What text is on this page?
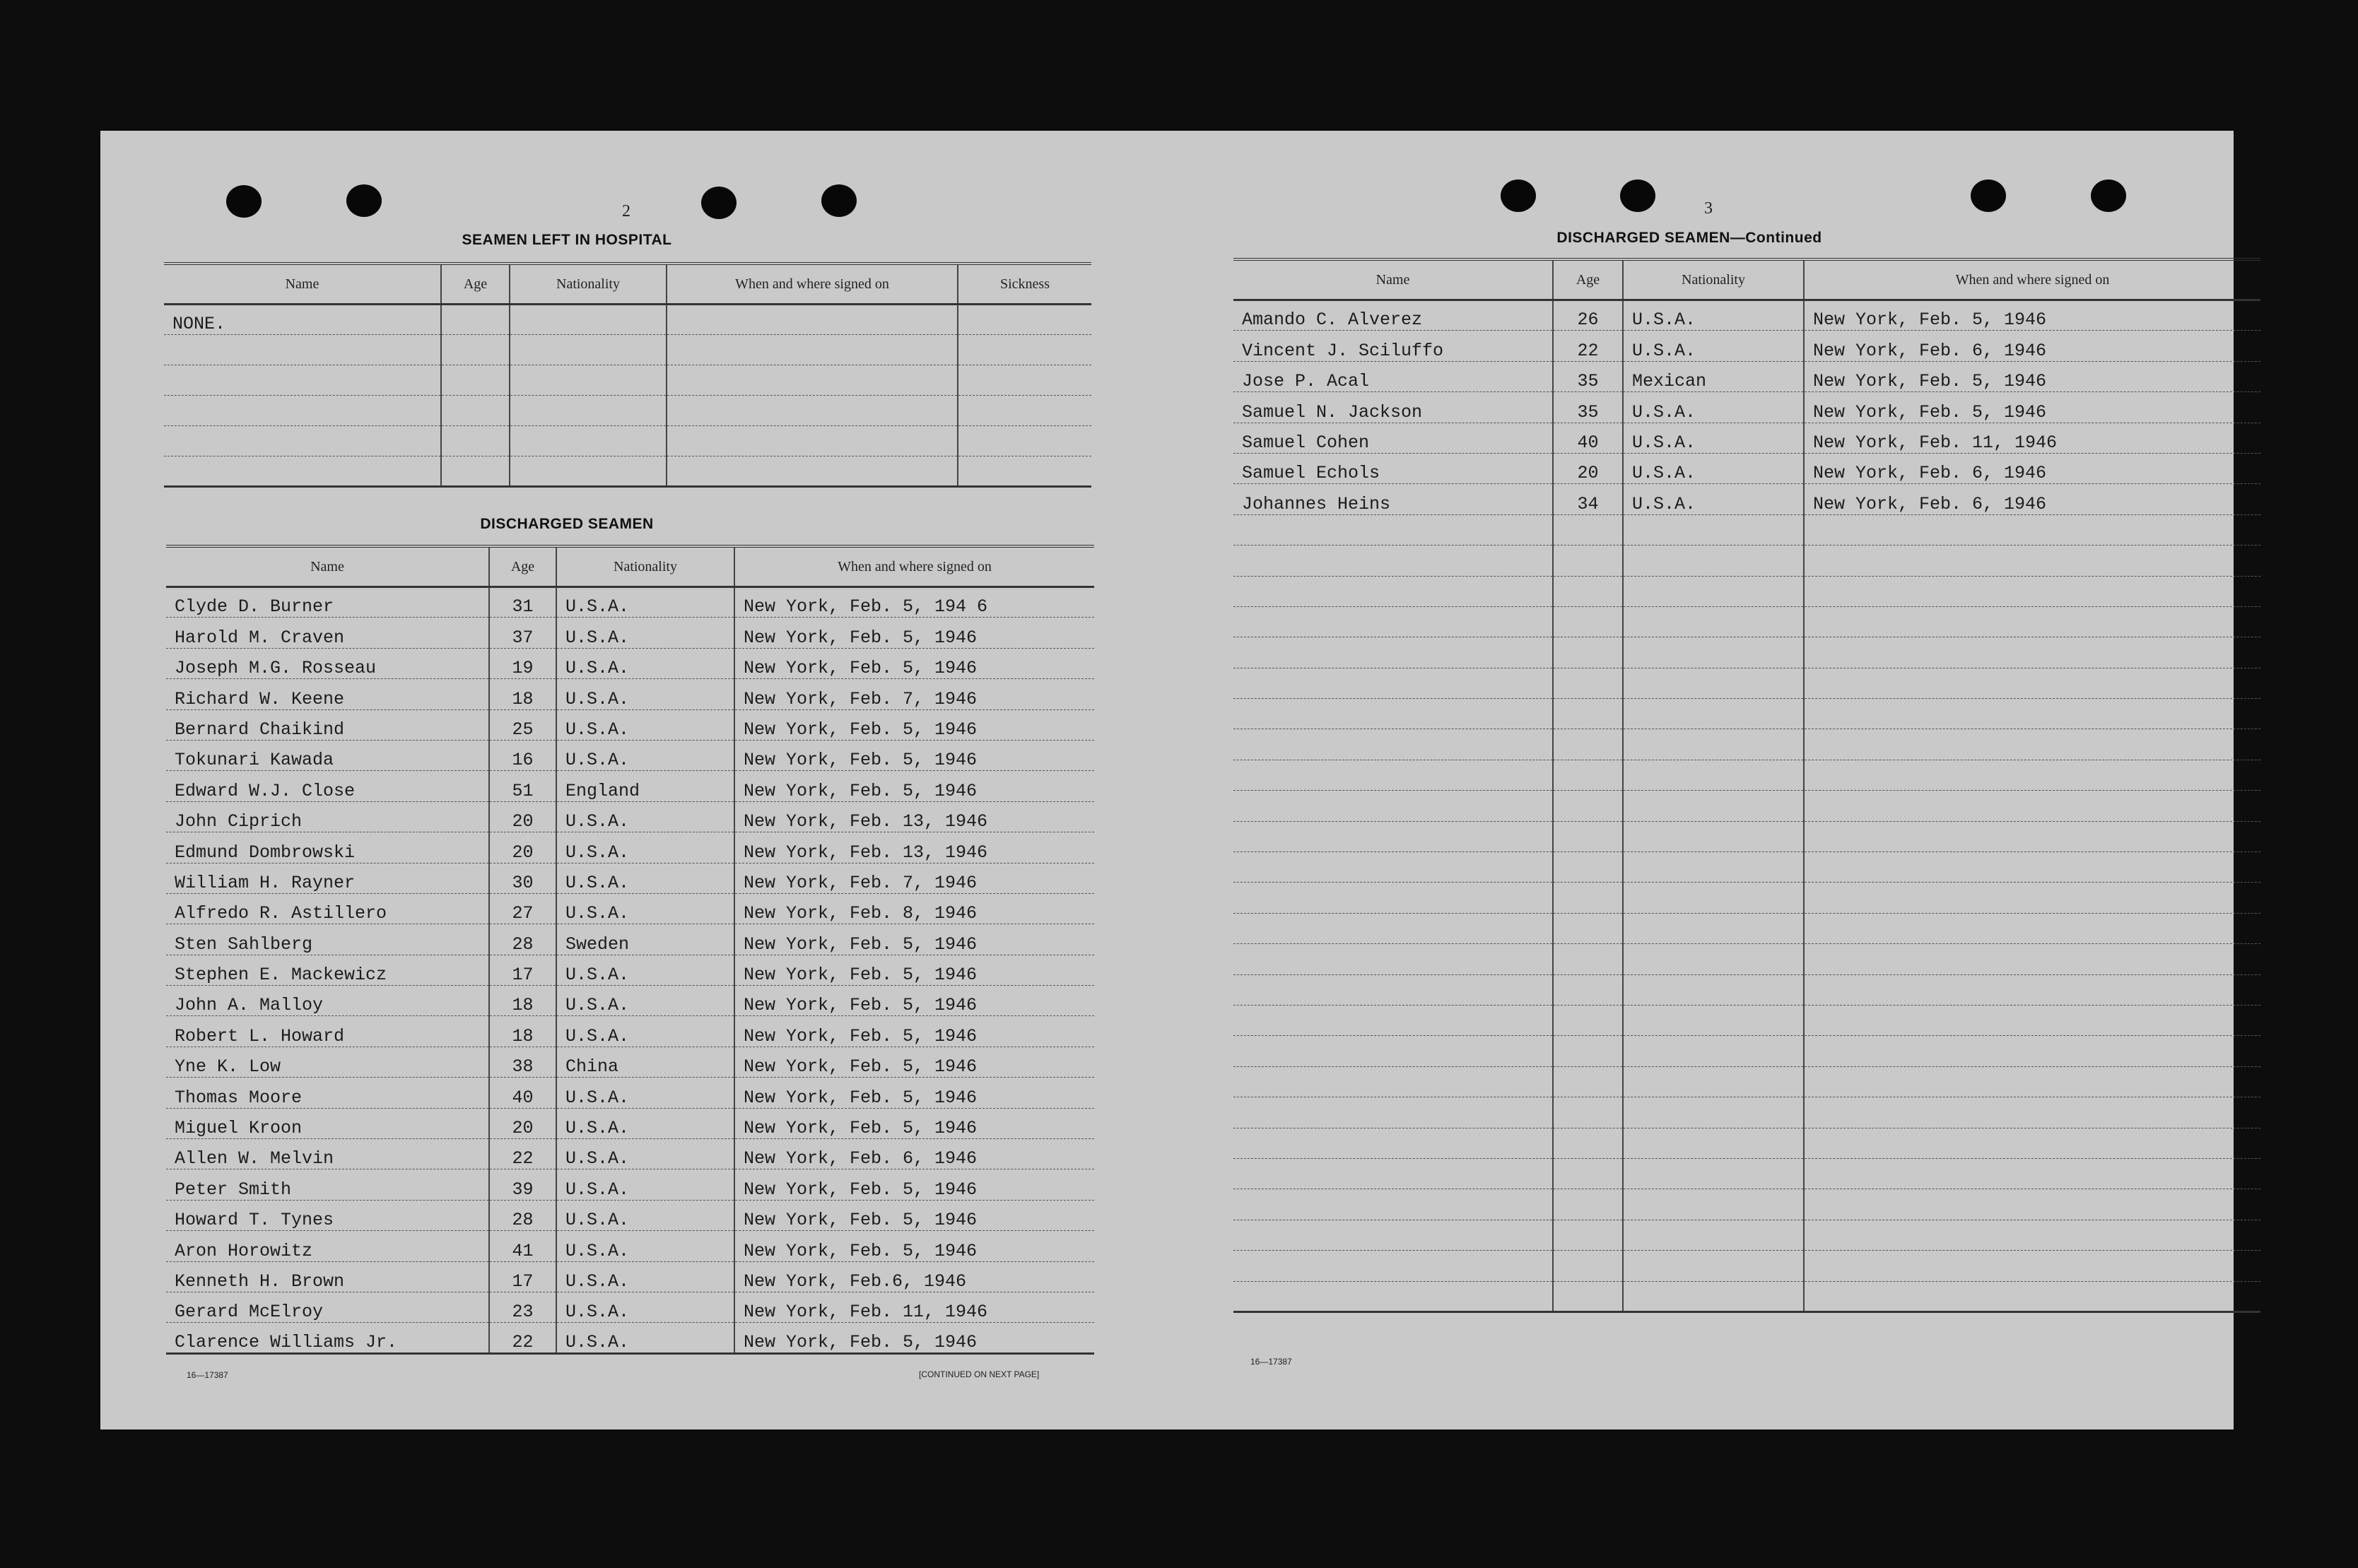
2
SEAMEN LEFT IN HOSPITAL
Name	Age	Nationality	When and where signed on	Sickness
NONE.				

DISCHARGED SEAMEN
Name	Age	Nationality	When and where signed on
Clyde D. Burner	31	U.S.A.	New York, Feb. 5, 194 6
Harold M. Craven	37	U.S.A.	New York, Feb. 5, 1946
Joseph M.G. Rosseau	19	U.S.A.	New York, Feb. 5, 1946
Richard W. Keene	18	U.S.A.	New York, Feb. 7, 1946
Bernard Chaikind	25	U.S.A.	New York, Feb. 5, 1946
Tokunari Kawada	16	U.S.A.	New York, Feb. 5, 1946
Edward W.J. Close	51	England	New York, Feb. 5, 1946
John Ciprich	20	U.S.A.	New York, Feb. 13, 1946
Edmund Dombrowski	20	U.S.A.	New York, Feb. 13, 1946
William H. Rayner	30	U.S.A.	New York, Feb. 7, 1946
Alfredo R. Astillero	27	U.S.A.	New York, Feb. 8, 1946
Sten Sahlberg	28	Sweden	New York, Feb. 5, 1946
Stephen E. Mackewicz	17	U.S.A.	New York, Feb. 5, 1946
John A. Malloy	18	U.S.A.	New York, Feb. 5, 1946
Robert L. Howard	18	U.S.A.	New York, Feb. 5, 1946
Yne K. Low	38	China	New York, Feb. 5, 1946
Thomas Moore	40	U.S.A.	New York, Feb. 5, 1946
Miguel Kroon	20	U.S.A.	New York, Feb. 5, 1946
Allen W. Melvin	22	U.S.A.	New York, Feb. 6, 1946
Peter Smith	39	U.S.A.	New York, Feb. 5, 1946
Howard T. Tynes	28	U.S.A.	New York, Feb. 5, 1946
Aron Horowitz	41	U.S.A.	New York, Feb. 5, 1946
Kenneth H. Brown	17	U.S.A.	New York, Feb.6, 1946
Gerard McElroy	23	U.S.A.	New York, Feb. 11, 1946
Clarence Williams Jr.	22	U.S.A.	New York, Feb. 5, 1946
16—17387	[CONTINUED ON NEXT PAGE]
3
DISCHARGED SEAMEN—Continued
Name	Age	Nationality	When and where signed on
Amando C. Alverez	26	U.S.A.	New York, Feb. 5, 1946
Vincent J. Sciluffo	22	U.S.A.	New York, Feb. 6, 1946
Jose P. Acal	35	Mexican	New York, Feb. 5, 1946
Samuel N. Jackson	35	U.S.A.	New York, Feb. 5, 1946
Samuel Cohen	40	U.S.A.	New York, Feb. 11, 1946
Samuel Echols	20	U.S.A.	New York, Feb. 6, 1946
Johannes Heins	34	U.S.A.	New York, Feb. 6, 1946

16—17387
